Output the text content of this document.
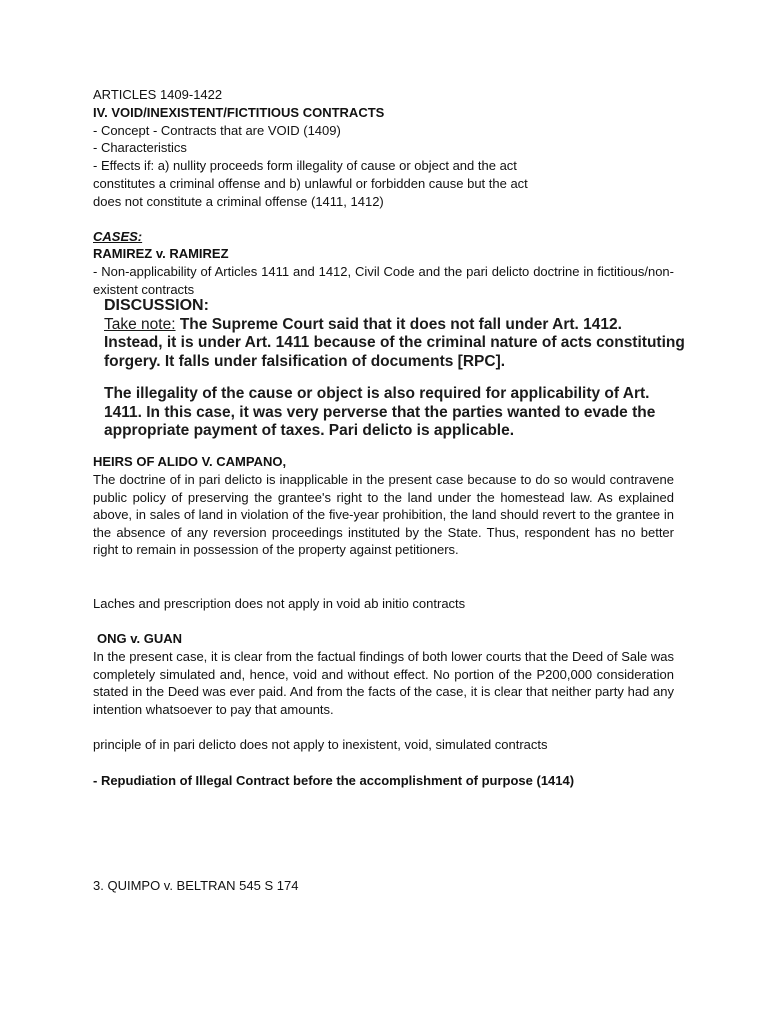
ARTICLES 1409-1422
IV. VOID/INEXISTENT/FICTITIOUS CONTRACTS
- Concept - Contracts that are VOID (1409)
- Characteristics
- Effects if: a) nullity proceeds form illegality of cause or object and the act
constitutes a criminal offense and b) unlawful or forbidden cause but the act
does not constitute a criminal offense (1411, 1412)
CASES:
RAMIREZ v. RAMIREZ
- Non-applicability of Articles 1411 and 1412, Civil Code and the pari delicto doctrine in fictitious/non-existent contracts
DISCUSSION:
Take note: The Supreme Court said that it does not fall under Art. 1412.
Instead, it is under Art. 1411 because of the criminal nature of acts constituting
forgery. It falls under falsification of documents [RPC].
The illegality of the cause or object is also required for applicability of Art.
1411. In this case, it was very perverse that the parties wanted to evade the
appropriate payment of taxes. Pari delicto is applicable.
HEIRS OF ALIDO V. CAMPANO,
The doctrine of in pari delicto is inapplicable in the present case because to do so would contravene public policy of preserving the grantee's right to the land under the homestead law. As explained above, in sales of land in violation of the five-year prohibition, the land should revert to the grantee in the absence of any reversion proceedings instituted by the State. Thus, respondent has no better right to remain in possession of the property against petitioners.
Laches and prescription does not apply in void ab initio contracts
ONG v. GUAN
In the present case, it is clear from the factual findings of both lower courts that the Deed of Sale was completely simulated and, hence, void and without effect. No portion of the P200,000 consideration stated in the Deed was ever paid. And from the facts of the case, it is clear that neither party had any intention whatsoever to pay that amounts.
principle of in pari delicto does not apply to inexistent, void, simulated contracts
- Repudiation of Illegal Contract before the accomplishment of purpose (1414)
3. QUIMPO v. BELTRAN 545 S 174
